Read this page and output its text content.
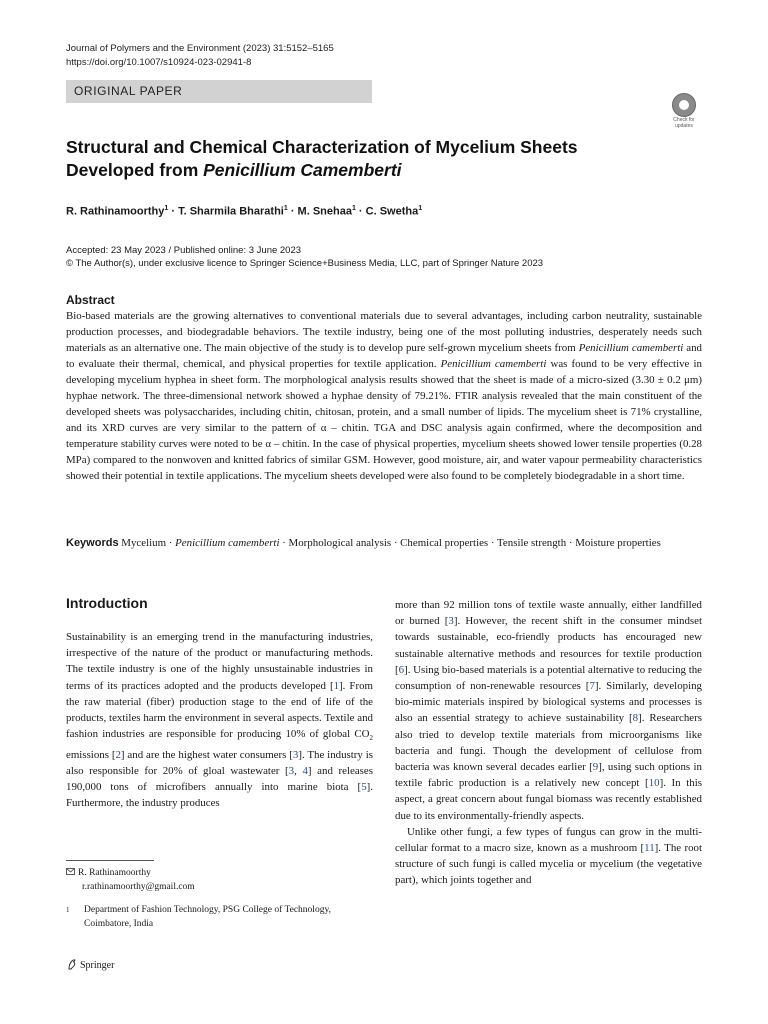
Journal of Polymers and the Environment (2023) 31:5152–5165
https://doi.org/10.1007/s10924-023-02941-8
ORIGINAL PAPER
Check for
updates
Structural and Chemical Characterization of Mycelium Sheets
Developed from Penicillium Camemberti
R. Rathinamoorthy$^1$ · T. Sharmila Bharathi$^1$ · M. Snehaa$^1$ · C. Swetha$^1$
Accepted: 23 May 2023 / Published online: 3 June 2023
© The Author(s), under exclusive licence to Springer Science+Business Media, LLC, part of Springer Nature 2023
Abstract
Bio-based materials are the growing alternatives to conventional materials due to several advantages, including carbon neutrality, sustainable production processes, and biodegradable behaviors. The textile industry, being one of the most polluting industries, desperately needs such materials as an alternative one. The main objective of the study is to develop pure self-grown mycelium sheets from Penicillium camemberti and to evaluate their thermal, chemical, and physical properties for textile application. Penicillium camemberti was found to be very effective in developing mycelium hyphea in sheet form. The morphological analysis results showed that the sheet is made of a micro-sized (3.30 ± 0.2 μm) hyphae network. The three-dimensional network showed a hyphae density of 79.21%. FTIR analysis revealed that the main constituent of the developed sheets was polysaccharides, including chitin, chitosan, protein, and a small number of lipids. The mycelium sheet is 71% crystalline, and its XRD curves are very similar to the pattern of α – chitin. TGA and DSC analysis again confirmed, where the decomposition and temperature stability curves were noted to be α – chitin. In the case of physical properties, mycelium sheets showed lower tensile properties (0.28 MPa) compared to the nonwoven and knitted fabrics of similar GSM. However, good moisture, air, and water vapour permeability characteristics showed their potential in textile applications. The mycelium sheets developed were also found to be completely biodegradable in a short time.
Keywords Mycelium · Penicillium camemberti · Morphological analysis · Chemical properties · Tensile strength · Moisture properties
Introduction
Sustainability is an emerging trend in the manufacturing industries, irrespective of the nature of the product or manufacturing methods. The textile industry is one of the highly unsustainable industries in terms of its practices adopted and the products developed [1]. From the raw material (fiber) production stage to the end of life of the products, textiles harm the environment in several aspects. Textile and fashion industries are responsible for producing 10% of global $CO_2$ emissions [2] and are the highest water consumers [3]. The industry is also responsible for 20% of gloal wastewater [3, 4] and releases 190,000 tons of microfibers annually into marine biota [5]. Furthermore, the industry produces

more than 92 million tons of textile waste annually, either landfilled or burned [3]. However, the recent shift in the consumer mindset towards sustainable, eco-friendly products has encouraged new sustainable alternative methods and resources for textile production [6]. Using bio-based materials is a potential alternative to reducing the consumption of non-renewable resources [7]. Similarly, developing bio-mimic materials inspired by biological systems and processes is also an essential strategy to achieve sustainability [8]. Researchers also tried to develop textile materials from microorganisms like bacteria and fungi. Though the development of cellulose from bacteria was known several decades earlier [9], using such options in textile fabric production is a relatively new concept [10]. In this aspect, a great concern about fungal biomass was recently established due to its environmentally-friendly aspects.

Unlike other fungi, a few types of fungus can grow in the multi-cellular format to a macro size, known as a mushroom [11]. The root structure of such fungi is called mycelia or mycelium (the vegetative part), which joints together and

R. Rathinamoorthy
r.rathinamoorthy@gmail.com
1 Department of Fashion Technology, PSG College of Technology, Coimbatore, India
Springer
